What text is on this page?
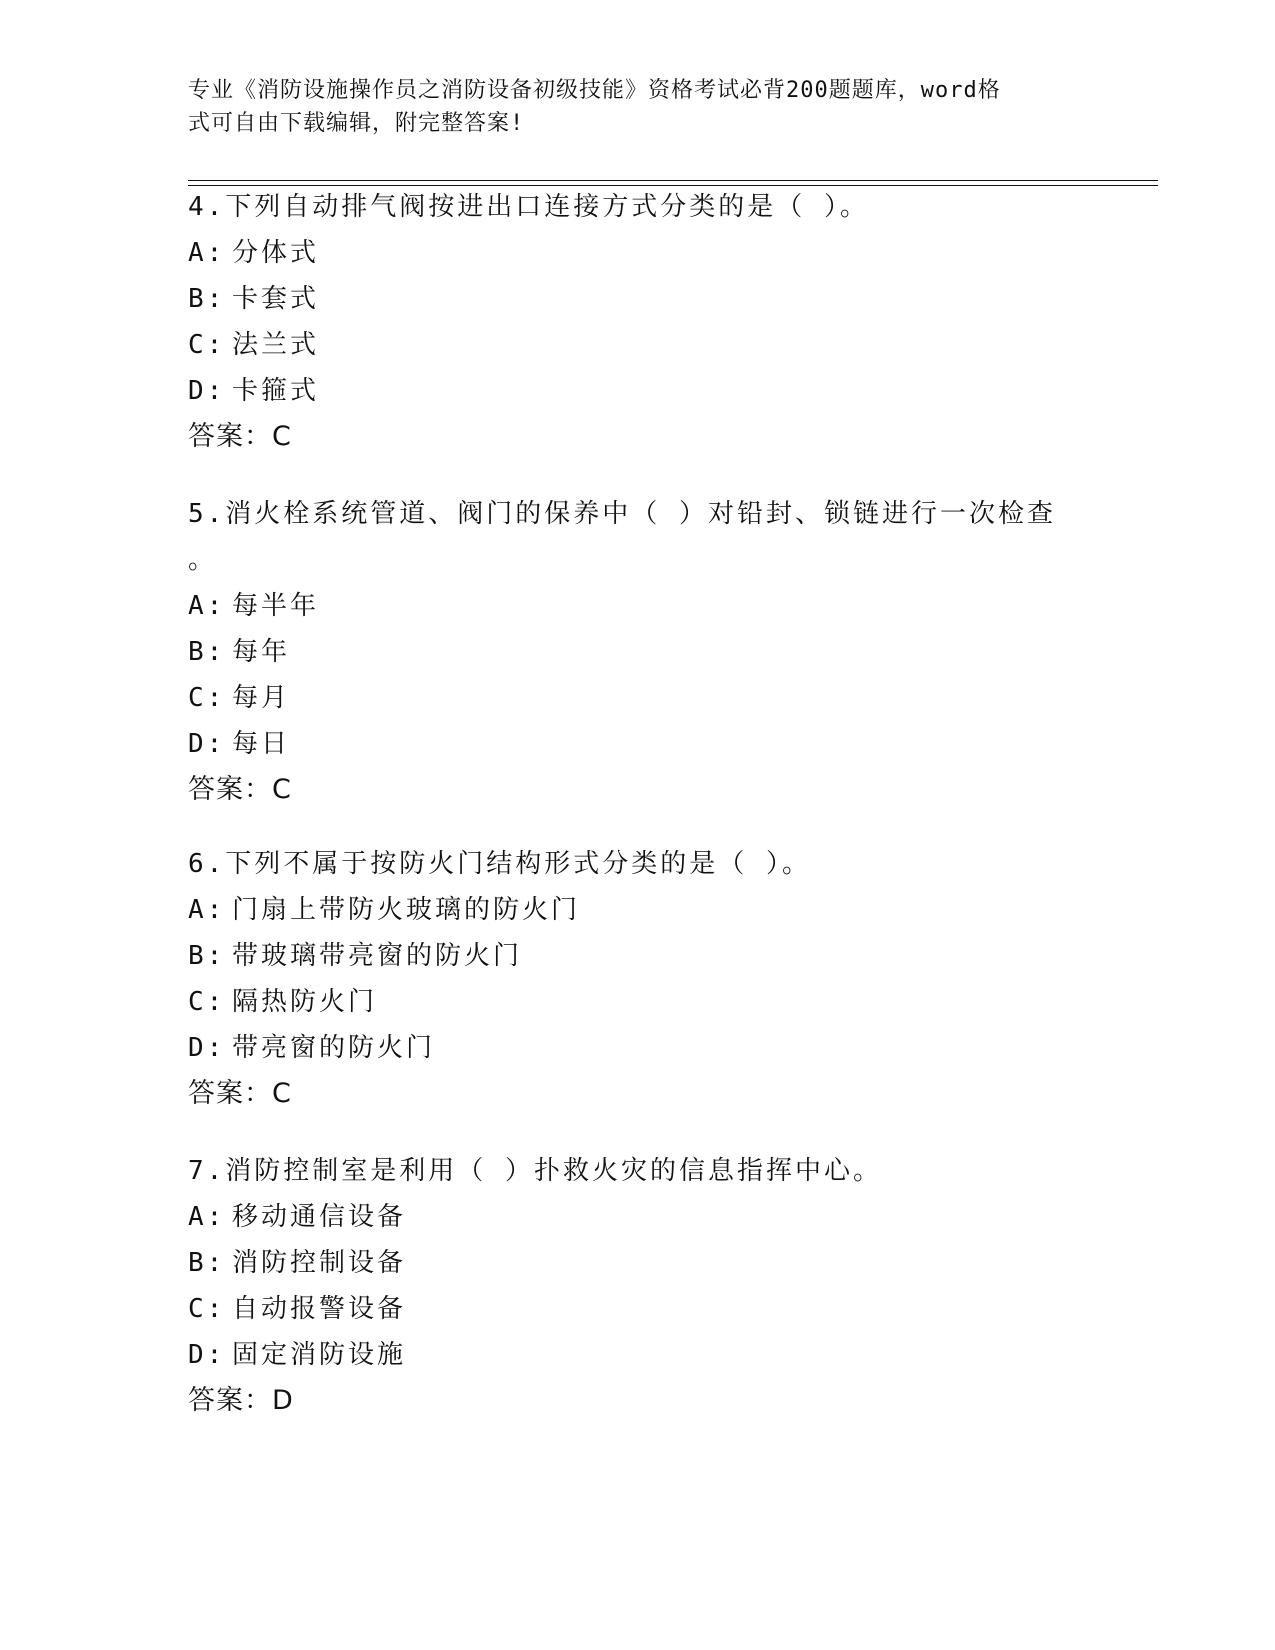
专业《消防设施操作员之消防设备初级技能》资格考试必背200题题库，word格
式可自由下载编辑，附完整答案!
4.下列自动排气阀按进出口连接方式分类的是（ ）。
A: 分体式
B: 卡套式
C: 法兰式
D: 卡箍式
答案：C
5.消火栓系统管道、阀门的保养中（ ）对铅封、锁链进行一次检查
。
A: 每半年
B: 每年
C: 每月
D: 每日
答案：C
6.下列不属于按防火门结构形式分类的是（ ）。
A: 门扇上带防火玻璃的防火门
B: 带玻璃带亮窗的防火门
C: 隔热防火门
D: 带亮窗的防火门
答案：C
7.消防控制室是利用（ ）扑救火灾的信息指挥中心。
A: 移动通信设备
B: 消防控制设备
C: 自动报警设备
D: 固定消防设施
答案：D
